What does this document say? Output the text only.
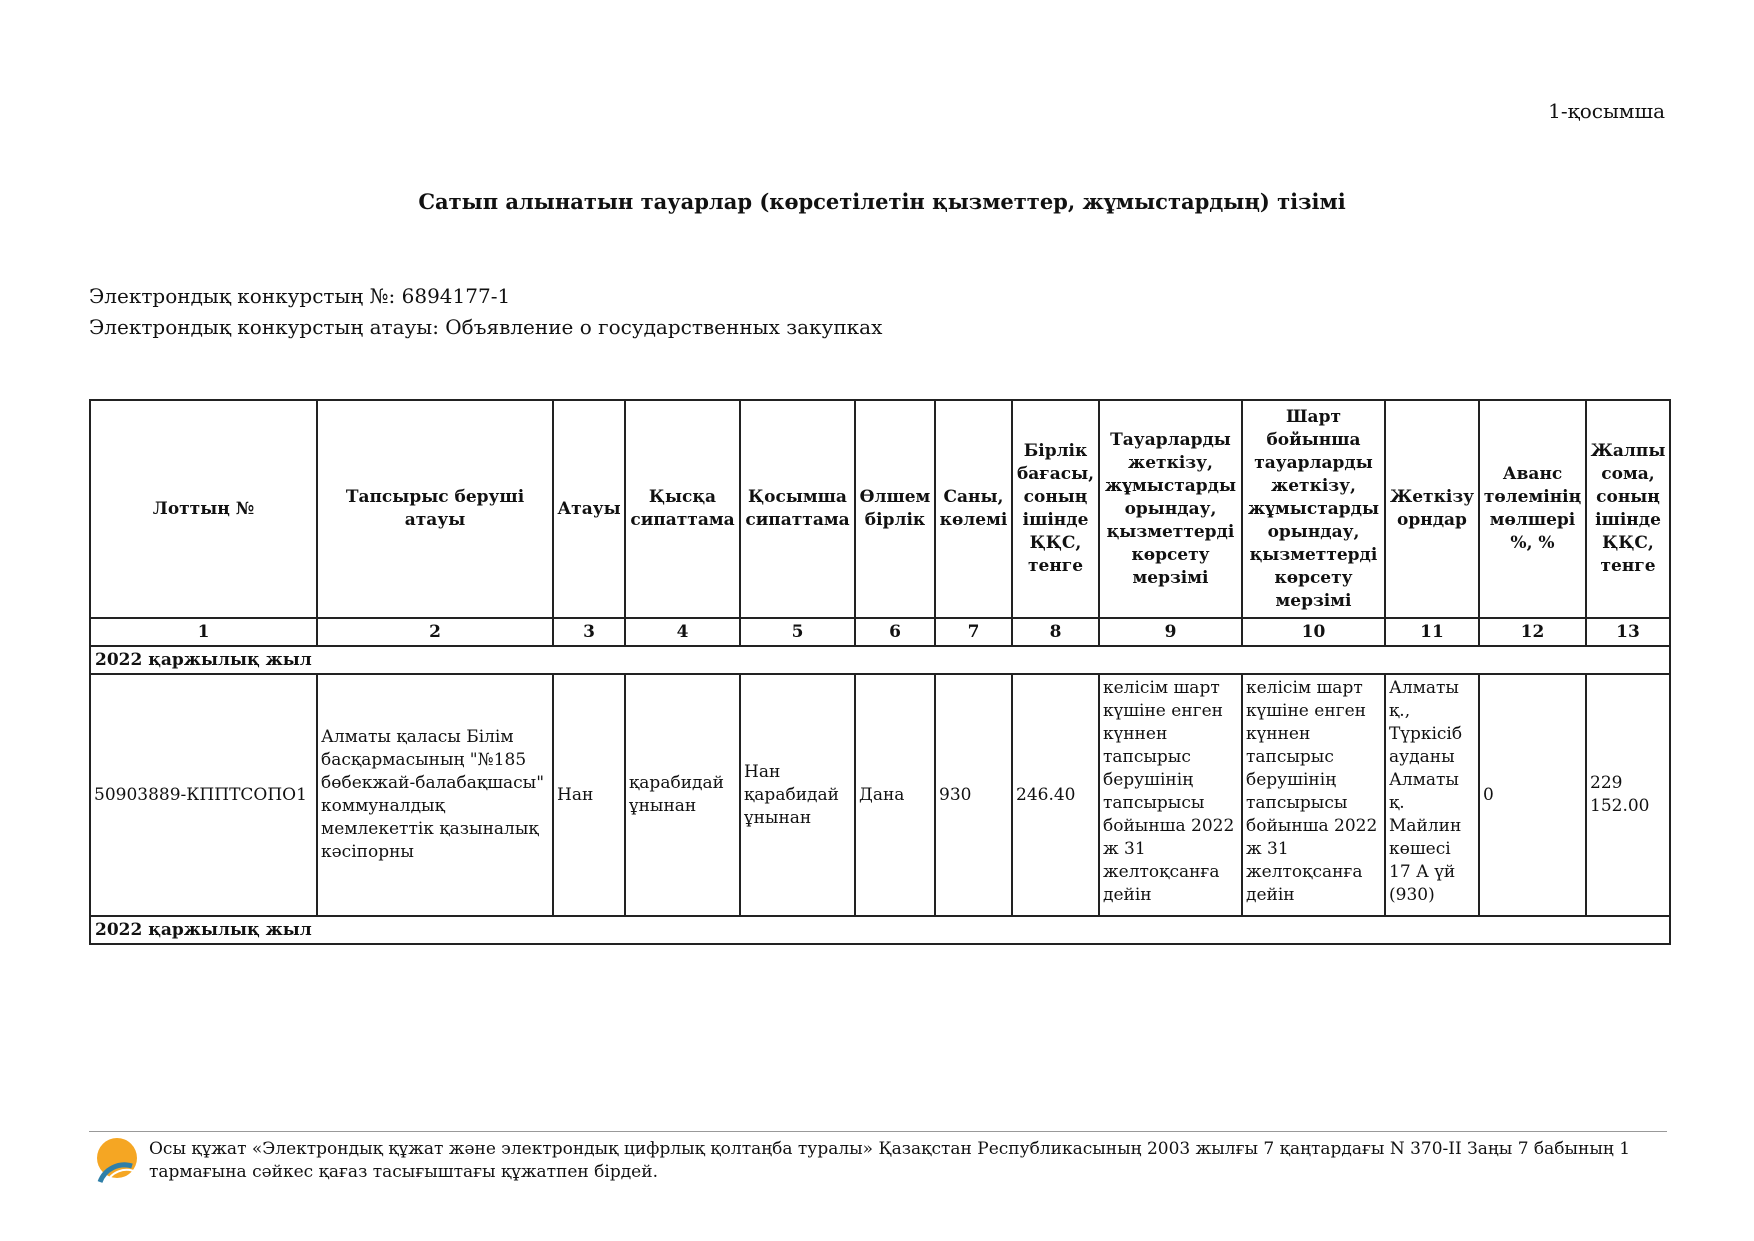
1-қосымша
Сатып алынатын тауарлар (көрсетілетін қызметтер, жұмыстардың) тізімі
Электрондық конкурстың №: 6894177-1
Электрондық конкурстың атауы: Объявление о государственных закупках
Лоттың №	Тапсырыс беруші атауы	Атауы	Қысқа сипаттама	Қосымша сипаттама	Өлшем бірлік	Саны, көлемі	Бірлік бағасы, соның ішінде ҚҚС, тенге	Тауарларды жеткізу, жұмыстарды орындау, қызметтерді көрсету мерзімі	Шарт бойынша тауарларды жеткізу, жұмыстарды орындау, қызметтерді көрсету мерзімі	Жеткізу орндар	Аванс төлемінің мөлшері %, %	Жалпы сома, соның ішінде ҚҚС, тенге
1	2	3	4	5	6	7	8	9	10	11	12	13
2022 қаржылық жыл												
50903889-КППТСОПО1	Алматы қаласы Білім басқармасының "№185 бөбекжай-балабақшасы" коммуналдық мемлекеттік қазыналық кәсіпорны	Нан	қарабидай ұнынан	Нан қарабидай ұнынан	Дана	930	246.40	келісім шарт күшіне енген күннен тапсырыс берушінің тапсырысы бойынша 2022 ж 31 желтоқсанға дейін	келісім шарт күшіне енген күннен тапсырыс берушінің тапсырысы бойынша 2022 ж 31 желтоқсанға дейін	Алматы қ., Түркісіб ауданы Алматы қ. Майлин көшесі 17 А үй (930)	0	229 152.00
2022 қаржылық жыл												
Осы құжат «Электрондық құжат және электрондық цифрлық қолтаңба туралы» Қазақстан Республикасының 2003 жылғы 7 қаңтардағы N 370-II Заңы 7 бабының 1 тармағына сәйкес қағаз тасығыштағы құжатпен бірдей.
